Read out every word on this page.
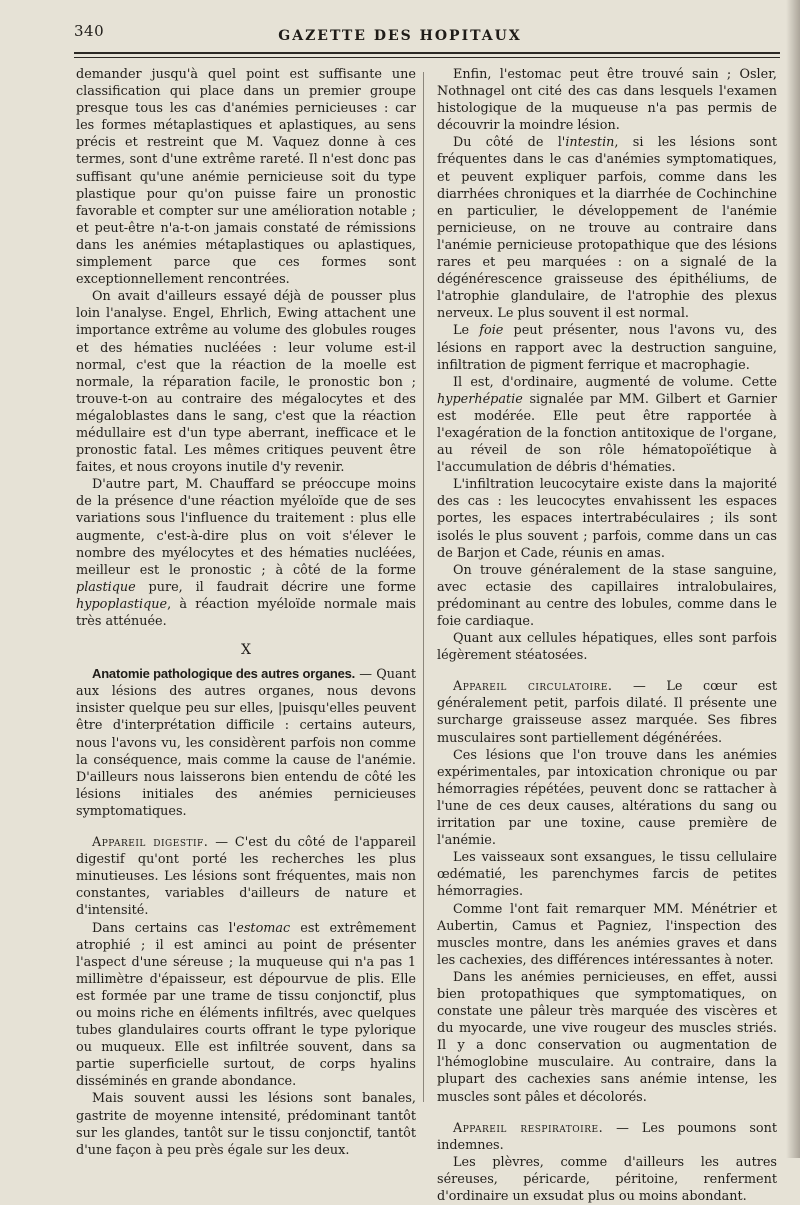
340	GAZETTE DES HOPITAUX

demander jusqu'à quel point est suffisante une classification qui place dans un premier groupe presque tous les cas d'anémies pernicieuses : car les formes métaplastiques et aplastiques, au sens précis et restreint que M. Vaquez donne à ces termes, sont d'une extrême rareté. Il n'est donc pas suffisant qu'une anémie pernicieuse soit du type plastique pour qu'on puisse faire un pronostic favorable et compter sur une amélioration notable ; et peut-être n'a-t-on jamais constaté de rémissions dans les anémies métaplastiques ou aplastiques, simplement parce que ces formes sont exceptionnellement rencontrées.

On avait d'ailleurs essayé déjà de pousser plus loin l'analyse. Engel, Ehrlich, Ewing attachent une importance extrême au volume des globules rouges et des hématies nucléées : leur volume est-il normal, c'est que la réaction de la moelle est normale, la réparation facile, le pronostic bon ; trouve-t-on au contraire des mégalocytes et des mégaloblastes dans le sang, c'est que la réaction médullaire est d'un type aberrant, inefficace et le pronostic fatal. Les mêmes critiques peuvent être faites, et nous croyons inutile d'y revenir.

D'autre part, M. Chauffard se préoccupe moins de la présence d'une réaction myéloïde que de ses variations sous l'influence du traitement : plus elle augmente, c'est-à-dire plus on voit s'élever le nombre des myélocytes et des hématies nucléées, meilleur est le pronostic ; à côté de la forme plastique pure, il faudrait décrire une forme hypoplastique, à réaction myéloïde normale mais très atténuée.

X

Anatomie pathologique des autres organes. — Quant aux lésions des autres organes, nous devons insister quelque peu sur elles, |puisqu'elles peuvent être d'interprétation difficile : certains auteurs, nous l'avons vu, les considèrent parfois non comme la conséquence, mais comme la cause de l'anémie. D'ailleurs nous laisserons bien entendu de côté les lésions initiales des anémies pernicieuses symptomatiques.

Appareil digestif. — C'est du côté de l'appareil digestif qu'ont porté les recherches les plus minutieuses. Les lésions sont fréquentes, mais non constantes, variables d'ailleurs de nature et d'intensité.

Dans certains cas l'estomac est extrêmement atrophié ; il est aminci au point de présenter l'aspect d'une séreuse ; la muqueuse qui n'a pas 1 millimètre d'épaisseur, est dépourvue de plis. Elle est formée par une trame de tissu conjonctif, plus ou moins riche en éléments infiltrés, avec quelques tubes glandulaires courts offrant le type pylorique ou muqueux. Elle est infiltrée souvent, dans sa partie superficielle surtout, de corps hyalins disséminés en grande abondance.

Mais souvent aussi les lésions sont banales, gastrite de moyenne intensité, prédominant tantôt sur les glandes, tantôt sur le tissu conjonctif, tantôt d'une façon à peu près égale sur les deux.

Enfin, l'estomac peut être trouvé sain ; Osler, Nothnagel ont cité des cas dans lesquels l'examen histologique de la muqueuse n'a pas permis de découvrir la moindre lésion.

Du côté de l'intestin, si les lésions sont fréquentes dans le cas d'anémies symptomatiques, et peuvent expliquer parfois, comme dans les diarrhées chroniques et la diarrhée de Cochinchine en particulier, le développement de l'anémie pernicieuse, on ne trouve au contraire dans l'anémie pernicieuse protopathique que des lésions rares et peu marquées : on a signalé de la dégénérescence graisseuse des épithéliums, de l'atrophie glandulaire, de l'atrophie des plexus nerveux. Le plus souvent il est normal.

Le foie peut présenter, nous l'avons vu, des lésions en rapport avec la destruction sanguine, infiltration de pigment ferrique et macrophagie.

Il est, d'ordinaire, augmenté de volume. Cette hyperhépatie signalée par MM. Gilbert et Garnier est modérée. Elle peut être rapportée à l'exagération de la fonction antitoxique de l'organe, au réveil de son rôle hématopoïétique à l'accumulation de débris d'hématies.

L'infiltration leucocytaire existe dans la majorité des cas : les leucocytes envahissent les espaces portes, les espaces intertrabéculaires ; ils sont isolés le plus souvent ; parfois, comme dans un cas de Barjon et Cade, réunis en amas.

On trouve généralement de la stase sanguine, avec ectasie des capillaires intralobulaires, prédominant au centre des lobules, comme dans le foie cardiaque.

Quant aux cellules hépatiques, elles sont parfois légèrement stéatosées.

Appareil circulatoire. — Le cœur est généralement petit, parfois dilaté. Il présente une surcharge graisseuse assez marquée. Ses fibres musculaires sont partiellement dégénérées.

Ces lésions que l'on trouve dans les anémies expérimentales, par intoxication chronique ou par hémorragies répétées, peuvent donc se rattacher à l'une de ces deux causes, altérations du sang ou irritation par une toxine, cause première de l'anémie.

Les vaisseaux sont exsangues, le tissu cellulaire œdématié, les parenchymes farcis de petites hémorragies.

Comme l'ont fait remarquer MM. Ménétrier et Aubertin, Camus et Pagniez, l'inspection des muscles montre, dans les anémies graves et dans les cachexies, des différences intéressantes à noter.

Dans les anémies pernicieuses, en effet, aussi bien protopathiques que symptomatiques, on constate une pâleur très marquée des viscères et du myocarde, une vive rougeur des muscles striés. Il y a donc conservation ou augmentation de l'hémoglobine musculaire. Au contraire, dans la plupart des cachexies sans anémie intense, les muscles sont pâles et décolorés.

Appareil respiratoire. — Les poumons sont indemnes.

Les plèvres, comme d'ailleurs les autres séreuses, péricarde, péritoine, renferment d'ordinaire un exsudat plus ou moins abondant.
